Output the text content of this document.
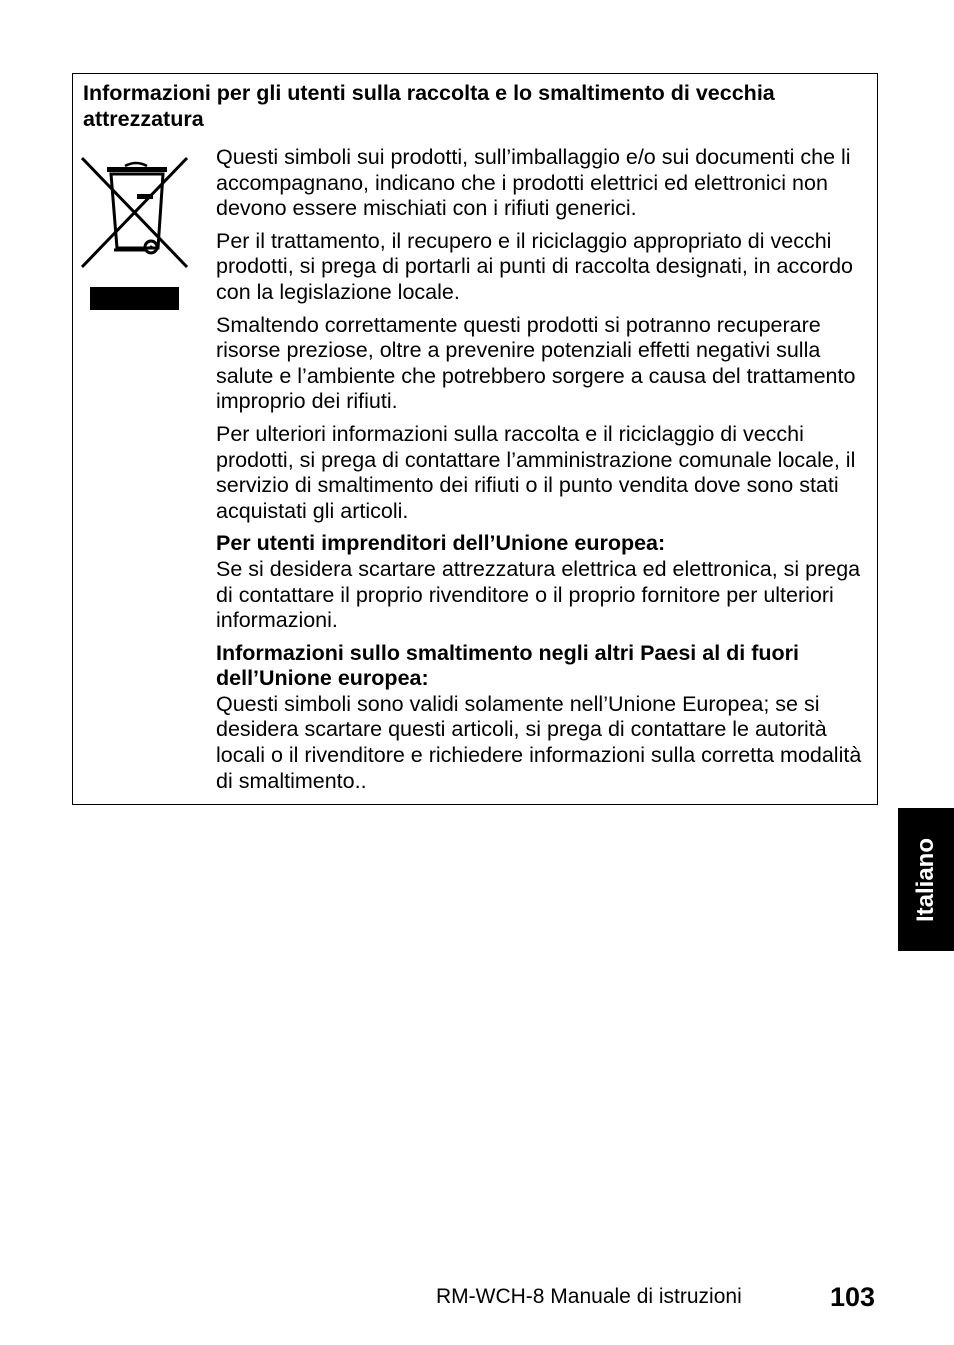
Informazioni per gli utenti sulla raccolta e lo smaltimento di vecchia attrezzatura

Questi simboli sui prodotti, sull’imballaggio e/o sui documenti che li accompagnano, indicano che i prodotti elettrici ed elettronici non devono essere mischiati con i rifiuti generici.

Per il trattamento, il recupero e il riciclaggio appropriato di vecchi prodotti, si prega di portarli ai punti di raccolta designati, in accordo con la legislazione locale.

Smaltendo correttamente questi prodotti si potranno recuperare risorse preziose, oltre a prevenire potenziali effetti negativi sulla salute e l’ambiente che potrebbero sorgere a causa del trattamento improprio dei rifiuti.

Per ulteriori informazioni sulla raccolta e il riciclaggio di vecchi prodotti, si prega di contattare l’amministrazione comunale locale, il servizio di smaltimento dei rifiuti o il punto vendita dove sono stati acquistati gli articoli.

Per utenti imprenditori dell’Unione europea:
Se si desidera scartare attrezzatura elettrica ed elettronica, si prega di contattare il proprio rivenditore o il proprio fornitore per ulteriori informazioni.

Informazioni sullo smaltimento negli altri Paesi al di fuori dell’Unione europea:
Questi simboli sono validi solamente nell’Unione Europea; se si desidera scartare questi articoli, si prega di contattare le autorità locali o il rivenditore e richiedere informazioni sulla corretta modalità di smaltimento..

Italiano
RM-WCH-8 Manuale di istruzioni	103
